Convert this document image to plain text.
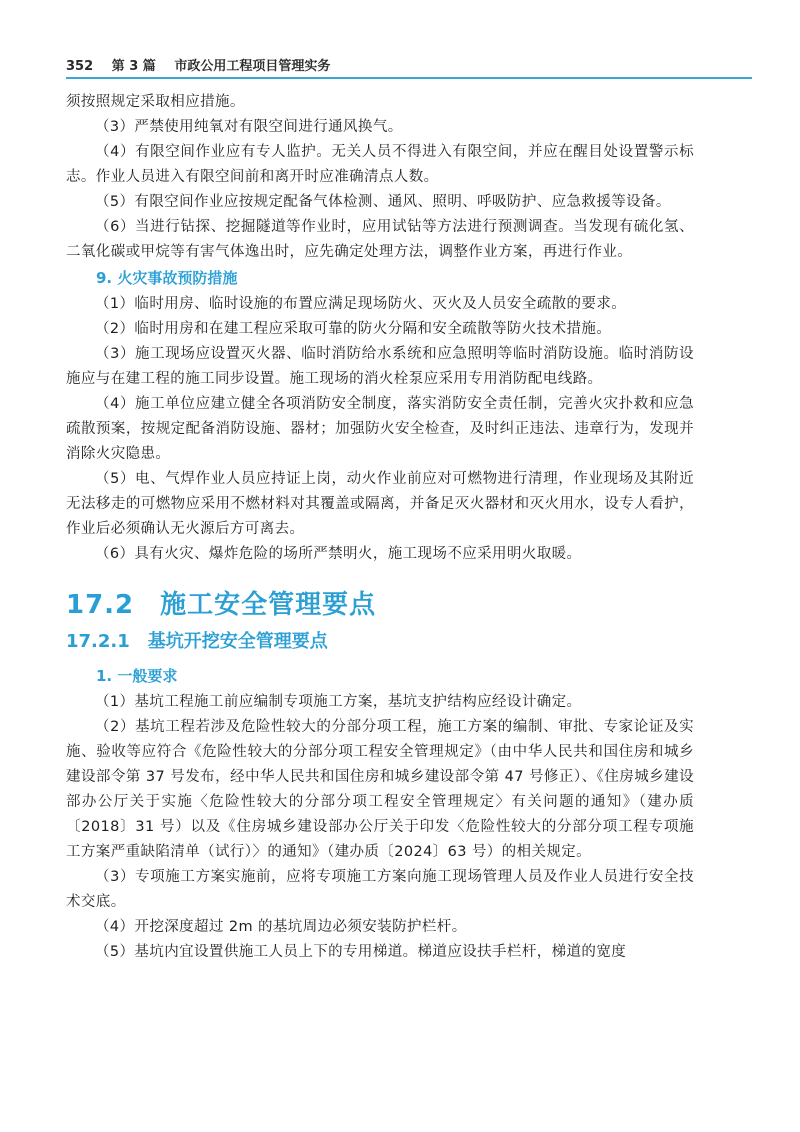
352 第 3 篇 市政公用工程项目管理实务

须按照规定采取相应措施。

（3）严禁使用纯氧对有限空间进行通风换气。

（4）有限空间作业应有专人监护。无关人员不得进入有限空间，并应在醒目处设置警示标志。作业人员进入有限空间前和离开时应准确清点人数。

（5）有限空间作业应按规定配备气体检测、通风、照明、呼吸防护、应急救援等设备。

（6）当进行钻探、挖掘隧道等作业时，应用试钻等方法进行预测调查。当发现有硫化氢、二氧化碳或甲烷等有害气体逸出时，应先确定处理方法，调整作业方案，再进行作业。

9. 火灾事故预防措施

（1）临时用房、临时设施的布置应满足现场防火、灭火及人员安全疏散的要求。

（2）临时用房和在建工程应采取可靠的防火分隔和安全疏散等防火技术措施。

（3）施工现场应设置灭火器、临时消防给水系统和应急照明等临时消防设施。临时消防设施应与在建工程的施工同步设置。施工现场的消火栓泵应采用专用消防配电线路。

（4）施工单位应建立健全各项消防安全制度，落实消防安全责任制，完善火灾扑救和应急疏散预案，按规定配备消防设施、器材；加强防火安全检查，及时纠正违法、违章行为，发现并消除火灾隐患。

（5）电、气焊作业人员应持证上岗，动火作业前应对可燃物进行清理，作业现场及其附近无法移走的可燃物应采用不燃材料对其覆盖或隔离，并备足灭火器材和灭火用水，设专人看护，作业后必须确认无火源后方可离去。

（6）具有火灾、爆炸危险的场所严禁明火，施工现场不应采用明火取暖。

17.2 施工安全管理要点
17.2.1 基坑开挖安全管理要点
1. 一般要求

（1）基坑工程施工前应编制专项施工方案，基坑支护结构应经设计确定。

（2）基坑工程若涉及危险性较大的分部分项工程，施工方案的编制、审批、专家论证及实施、验收等应符合《危险性较大的分部分项工程安全管理规定》（由中华人民共和国住房和城乡建设部令第 37 号发布，经中华人民共和国住房和城乡建设部令第 47 号修正）、《住房城乡建设部办公厅关于实施〈危险性较大的分部分项工程安全管理规定〉有关问题的通知》（建办质〔2018〕31 号）以及《住房城乡建设部办公厅关于印发〈危险性较大的分部分项工程专项施工方案严重缺陷清单（试行）〉的通知》（建办质〔2024〕63 号）的相关规定。

（3）专项施工方案实施前，应将专项施工方案向施工现场管理人员及作业人员进行安全技术交底。

（4）开挖深度超过 2m 的基坑周边必须安装防护栏杆。

（5）基坑内宜设置供施工人员上下的专用梯道。梯道应设扶手栏杆，梯道的宽度
